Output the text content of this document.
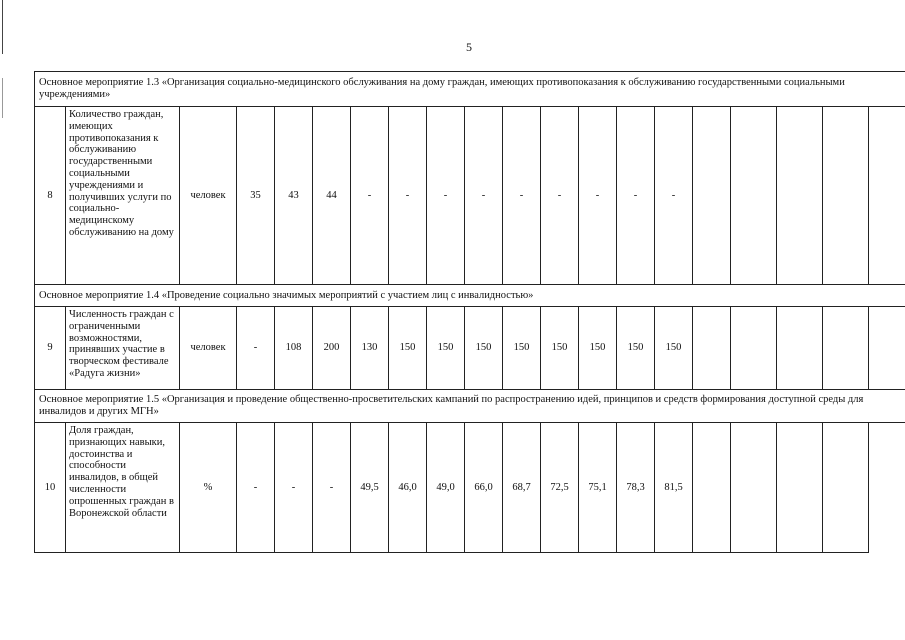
5
Основное мероприятие 1.3 «Организация социально-медицинского обслуживания на дому граждан, имеющих противопоказания к обслуживанию государственными социальными учреждениями»																		
8	Количество граждан, имеющих противопоказания к обслуживанию государственными социальными учреждениями и получивших услуги по социально-медицинскому обслуживанию на дому	человек	35	43	44	-	-	-	-	-	-	-	-	-				
Основное мероприятие 1.4 «Проведение социально значимых мероприятий с участием лиц с инвалидностью»																		
9	Численность граждан с ограниченными возможностями, принявших участие в творческом фестивале «Радуга жизни»	человек	-	108	200	130	150	150	150	150	150	150	150	150				
Основное мероприятие 1.5 «Организация и проведение общественно-просветительских кампаний по распространению идей, принципов и средств формирования доступной среды для инвалидов и других МГН»																		
10	Доля граждан, признающих навыки, достоинства и способности инвалидов, в общей численности опрошенных граждан в Воронежской области	%	-	-	-	49,5	46,0	49,0	66,0	68,7	72,5	75,1	78,3	81,5				
